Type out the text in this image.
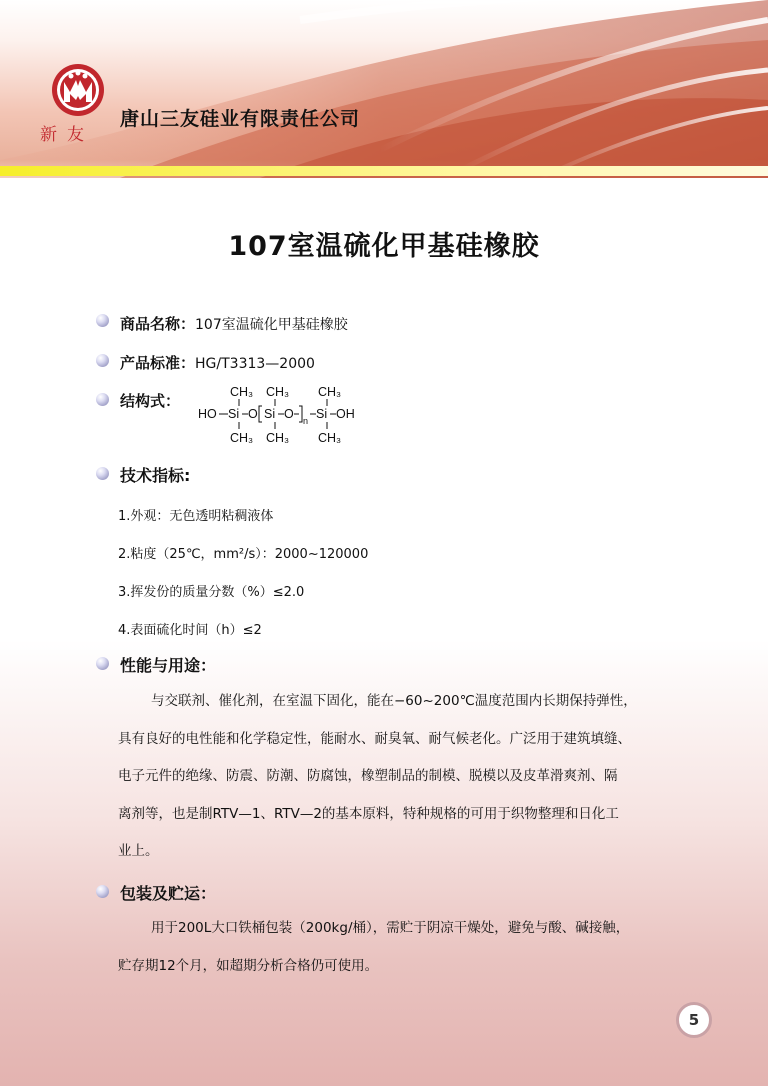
新友
唐山三友硅业有限责任公司
107室温硫化甲基硅橡胶
商品名称：107室温硫化甲基硅橡胶
产品标准：HG/T3313—2000
结构式：	CH₃ CH₃ CH₃
HO Si O Si O n Si OH
CH₃ CH₃ CH₃
技术指标:
1.外观：无色透明粘稠液体
2.粘度（25℃，mm²/s）：2000~120000
3.挥发份的质量分数（%）≤2.0
4.表面硫化时间（h）≤2
性能与用途：

与交联剂、催化剂，在室温下固化，能在−60~200℃温度范围内长期保持弹性，

具有良好的电性能和化学稳定性，能耐水、耐臭氧、耐气候老化。广泛用于建筑填缝、

电子元件的绝缘、防震、防潮、防腐蚀，橡塑制品的制模、脱模以及皮革滑爽剂、隔

离剂等，也是制RTV—1、RTV—2的基本原料，特种规格的可用于织物整理和日化工

业上。

包装及贮运：

用于200L大口铁桶包装（200kg/桶），需贮于阴凉干燥处，避免与酸、碱接触，

贮存期12个月，如超期分析合格仍可使用。

5
